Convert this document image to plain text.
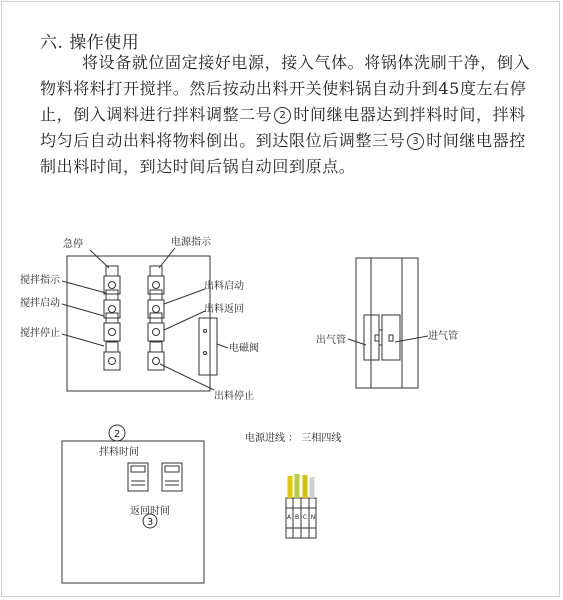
六. 操作使用

将设备就位固定接好电源，接入气体。将锅体洗刷干净，倒入物料将料打开搅拌。然后按动出料开关使料锅自动升到45度左右停止，倒入调料进行拌料调整二号 2 时间继电器达到拌料时间，拌料均匀后自动出料将物料倒出。到达限位后调整三号 3 时间继电器控制出料时间，到达时间后锅自动回到原点。

急停	电源指示
搅拌指示
搅拌启动
搅拌停止
出料启动
出料返回
电磁阀
出料停止
出气管	进气管
2
拌料时间
返回时间
3
电源进线 ： 三相四线
A B C N
